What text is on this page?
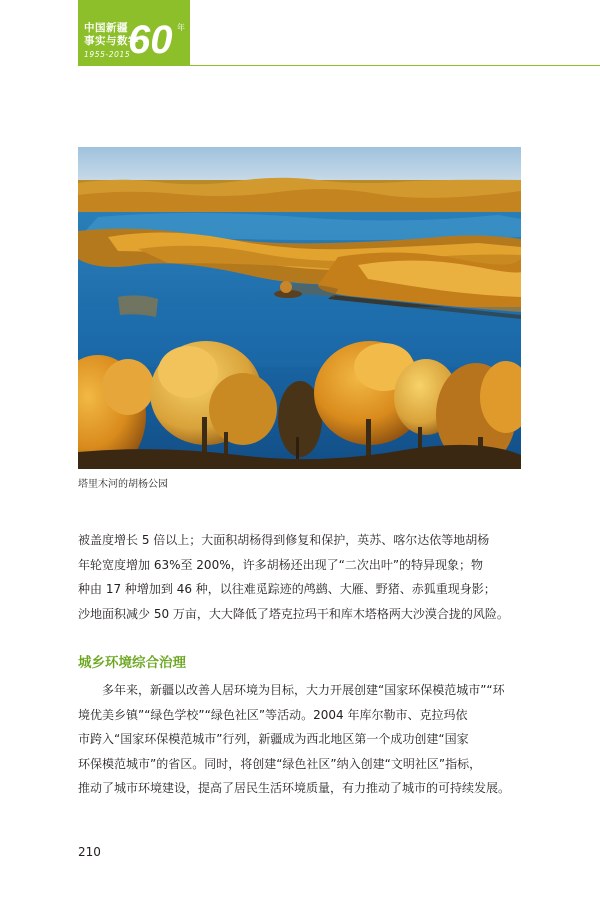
中国新疆
事实与数字
1955-2015
60 年
塔里木河的胡杨公园
被盖度增长 5 倍以上；大面积胡杨得到修复和保护，英苏、喀尔达依等地胡杨
年轮宽度增加 63%至 200%，许多胡杨还出现了“二次出叶”的特异现象；物
种由 17 种增加到 46 种，以往难觅踪迹的鸬鹚、大雁、野猪、赤狐重现身影；
沙地面积减少 50 万亩，大大降低了塔克拉玛干和库木塔格两大沙漠合拢的风险。
城乡环境综合治理
多年来，新疆以改善人居环境为目标，大力开展创建“国家环保模范城市”“环
境优美乡镇”“绿色学校”“绿色社区”等活动。2004 年库尔勒市、克拉玛依
市跨入“国家环保模范城市”行列，新疆成为西北地区第一个成功创建“国家
环保模范城市”的省区。同时，将创建“绿色社区”纳入创建“文明社区”指标，
推动了城市环境建设，提高了居民生活环境质量，有力推动了城市的可持续发展。
210
